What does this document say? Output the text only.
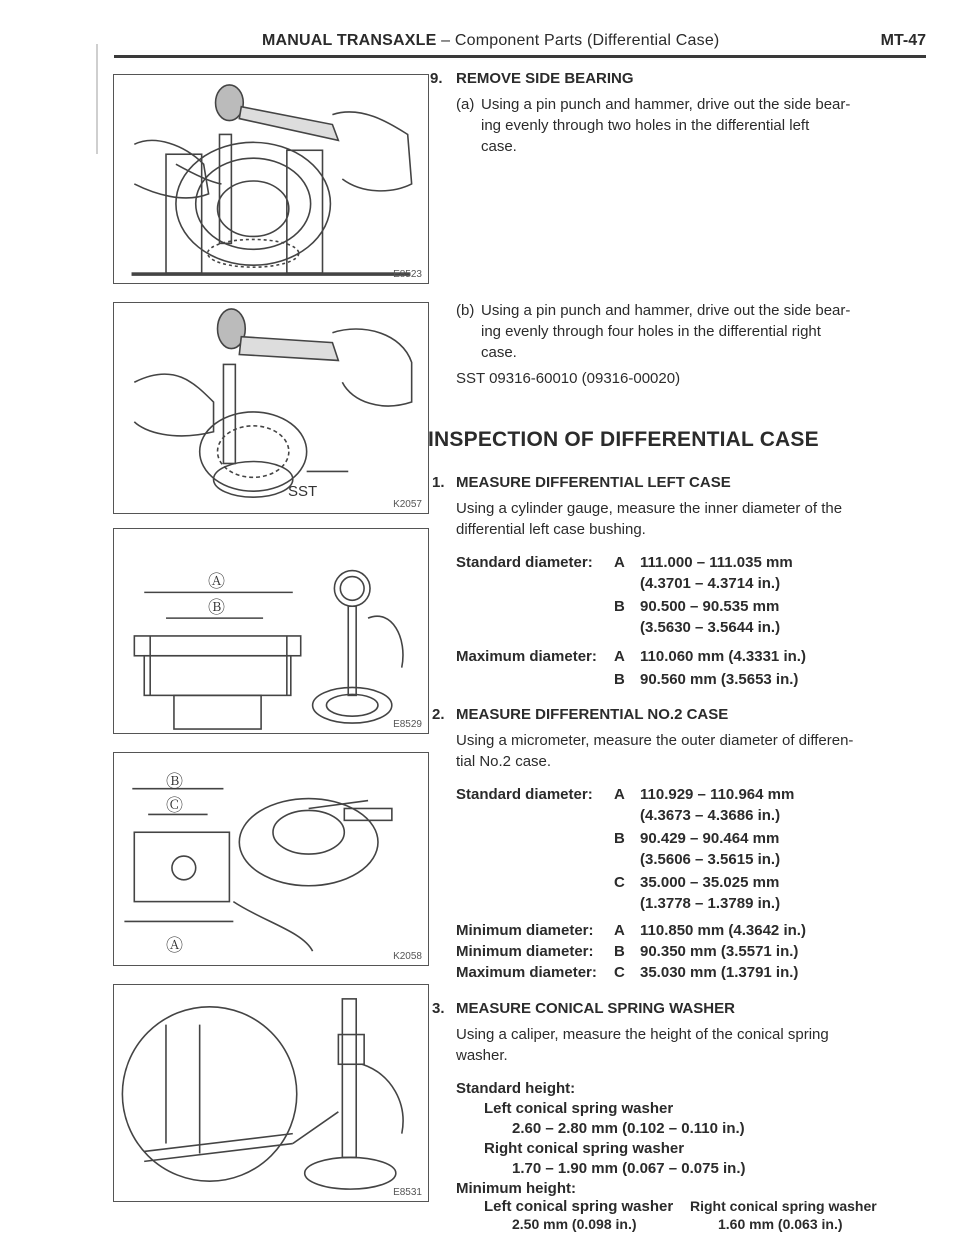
MANUAL TRANSAXLE – Component Parts (Differential Case)	MT-47
E8523
SST
K2057
Ⓐ
Ⓑ
E8529
Ⓑ
Ⓒ
Ⓐ
K2058
E8531
9. REMOVE SIDE BEARING
(a) Using a pin punch and hammer, drive out the side bear-
ing evenly through two holes in the differential left
case.
(b) Using a pin punch and hammer, drive out the side bear-
ing evenly through four holes in the differential right
case.
SST 09316-60010 (09316-00020)
INSPECTION OF DIFFERENTIAL CASE
1. MEASURE DIFFERENTIAL LEFT CASE
Using a cylinder gauge, measure the inner diameter of the
differential left case bushing.
Standard diameter: A 111.000 – 111.035 mm
(4.3701 – 4.3714 in.)
B 90.500 – 90.535 mm
(3.5630 – 3.5644 in.)
Maximum diameter: A 110.060 mm (4.3331 in.)
B 90.560 mm (3.5653 in.)
2. MEASURE DIFFERENTIAL NO.2 CASE
Using a micrometer, measure the outer diameter of differen-
tial No.2 case.
Standard diameter: A 110.929 – 110.964 mm
(4.3673 – 4.3686 in.)
B 90.429 – 90.464 mm
(3.5606 – 3.5615 in.)
C 35.000 – 35.025 mm
(1.3778 – 1.3789 in.)
Minimum diameter: A 110.850 mm (4.3642 in.)
Minimum diameter: B 90.350 mm (3.5571 in.)
Maximum diameter: C 35.030 mm (1.3791 in.)
3. MEASURE CONICAL SPRING WASHER
Using a caliper, measure the height of the conical spring
washer.
Standard height:
Left conical spring washer
2.60 – 2.80 mm (0.102 – 0.110 in.)
Right conical spring washer
1.70 – 1.90 mm (0.067 – 0.075 in.)
Minimum height:
Left conical spring washer
2.50 mm (0.098 in.)
Right conical spring washer
1.60 mm (0.063 in.)
